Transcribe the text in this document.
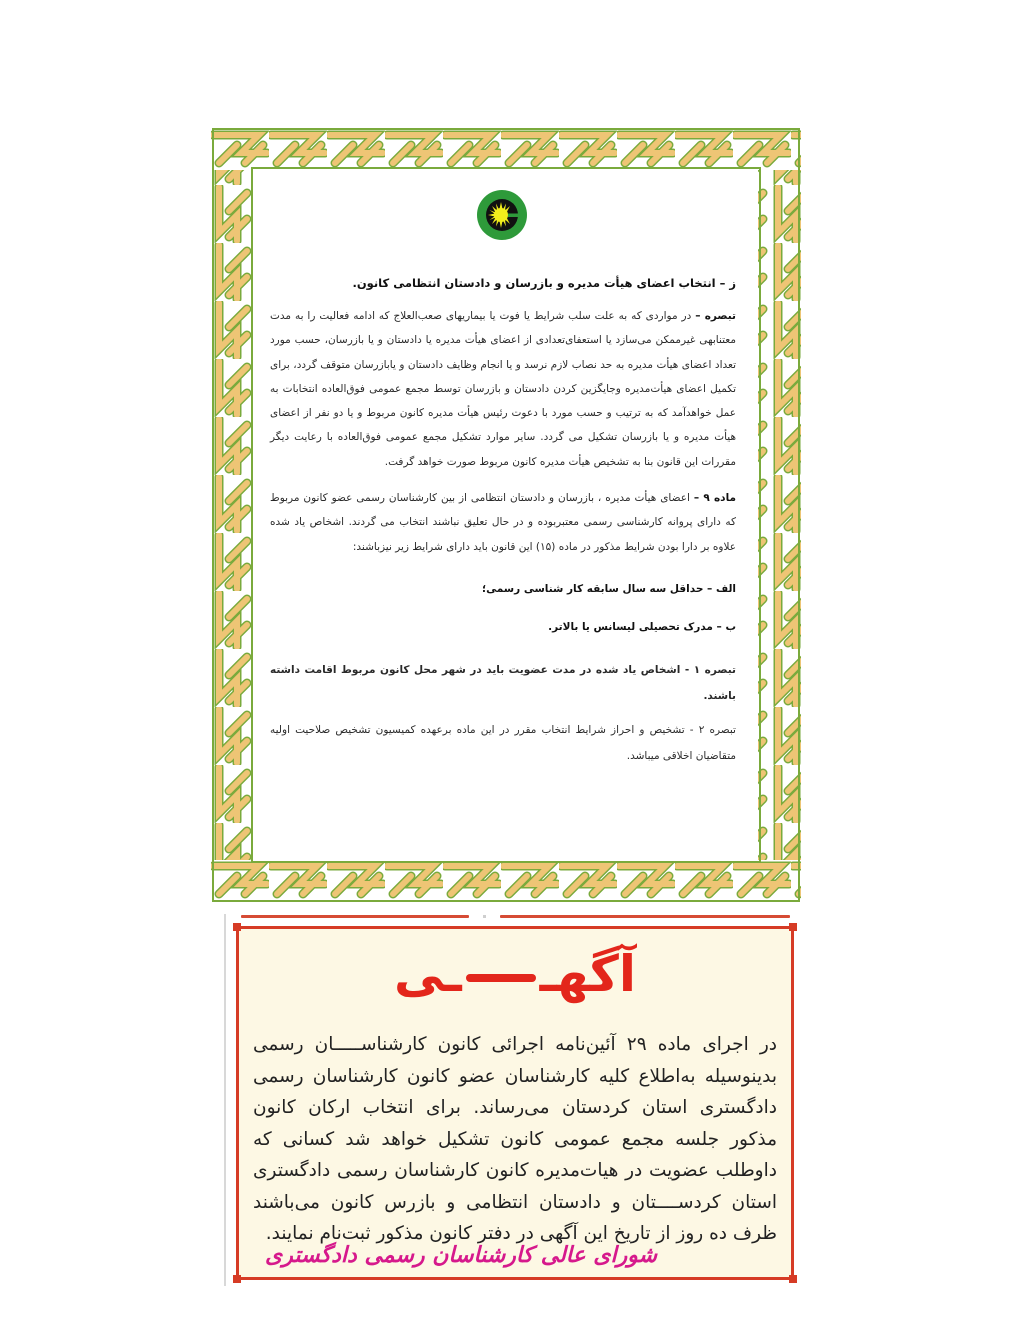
ز – انتخاب اعضای هیأت مدیره و بازرسان و دادستان انتظامی کانون.

تبصره – در مواردی که به علت سلب شرایط یا فوت یا بیماریهای صعب‌العلاج که ادامه فعالیت را به مدت معتنابهی غیرممکن می‌سازد یا استعفای‌تعدادی از اعضای هیأت مدیره یا دادستان و یا بازرسان، حسب مورد تعداد اعضای هیأت مدیره به حد نصاب لازم نرسد و یا انجام وظایف دادستان و یابازرسان متوقف گردد، برای تکمیل اعضای هیأت‌مدیره وجایگزین کردن دادستان و بازرسان توسط مجمع عمومی فوق‌العاده انتخابات به عمل خواهدآمد که به ترتیب و حسب مورد با دعوت رئیس هیأت مدیره کانون مربوط و یا دو نفر از اعضای هیأت مدیره و یا بازرسان تشکیل می گردد. سایر موارد تشکیل مجمع عمومی فوق‌العاده با رعایت دیگر مقررات این قانون بنا به تشخیص هیأت مدیره کانون مربوط صورت خواهد گرفت.

ماده ۹ – اعضای هیأت مدیره ، بازرسان و دادستان انتظامی از بین کارشناسان رسمی عضو کانون مربوط که دارای پروانه کارشناسی رسمی معتبربوده و در حال تعلیق نباشند انتخاب می گردند. اشخاص یاد شده علاوه بر دارا بودن شرایط مذکور در ماده (۱۵) این قانون باید دارای شرایط زیر نیزباشند:

الف – حداقل سه سال سابقه کار شناسی رسمی؛
ب – مدرک تحصیلی لیسانس یا بالاتر.

تبصره ۱ - اشخاص یاد شده در مدت عضویت باید در شهر محل کانون مربوط اقامت داشته باشند.

تبصره ۲ - تشخیص و احراز شرایط انتخاب مقرر در این ماده برعهده کمیسیون تشخیص صلاحیت اولیه متقاضیان اخلاقی میباشد.

آگهــی
در اجرای ماده ۲۹ آئین‌نامه اجرائی کانون کارشناســـــان رسمی بدینوسیله به‌اطلاع کلیه کارشناسان عضو کانون کارشناسان رسمی دادگستری استان کردستان می‌رساند. برای انتخاب ارکان کانون مذکور جلسه مجمع عمومی کانون تشکیل خواهد شد کسانی که داوطلب عضویت در هیات‌مدیره کانون کارشناسان رسمی دادگستری استان کردســــتان و دادستان انتظامی و بازرس کانون می‌باشند ظرف ده روز از تاریخ این آگهی در دفتر کانون مذکور ثبت‌نام نمایند.
شورای عالی کارشناسان رسمی دادگستری
